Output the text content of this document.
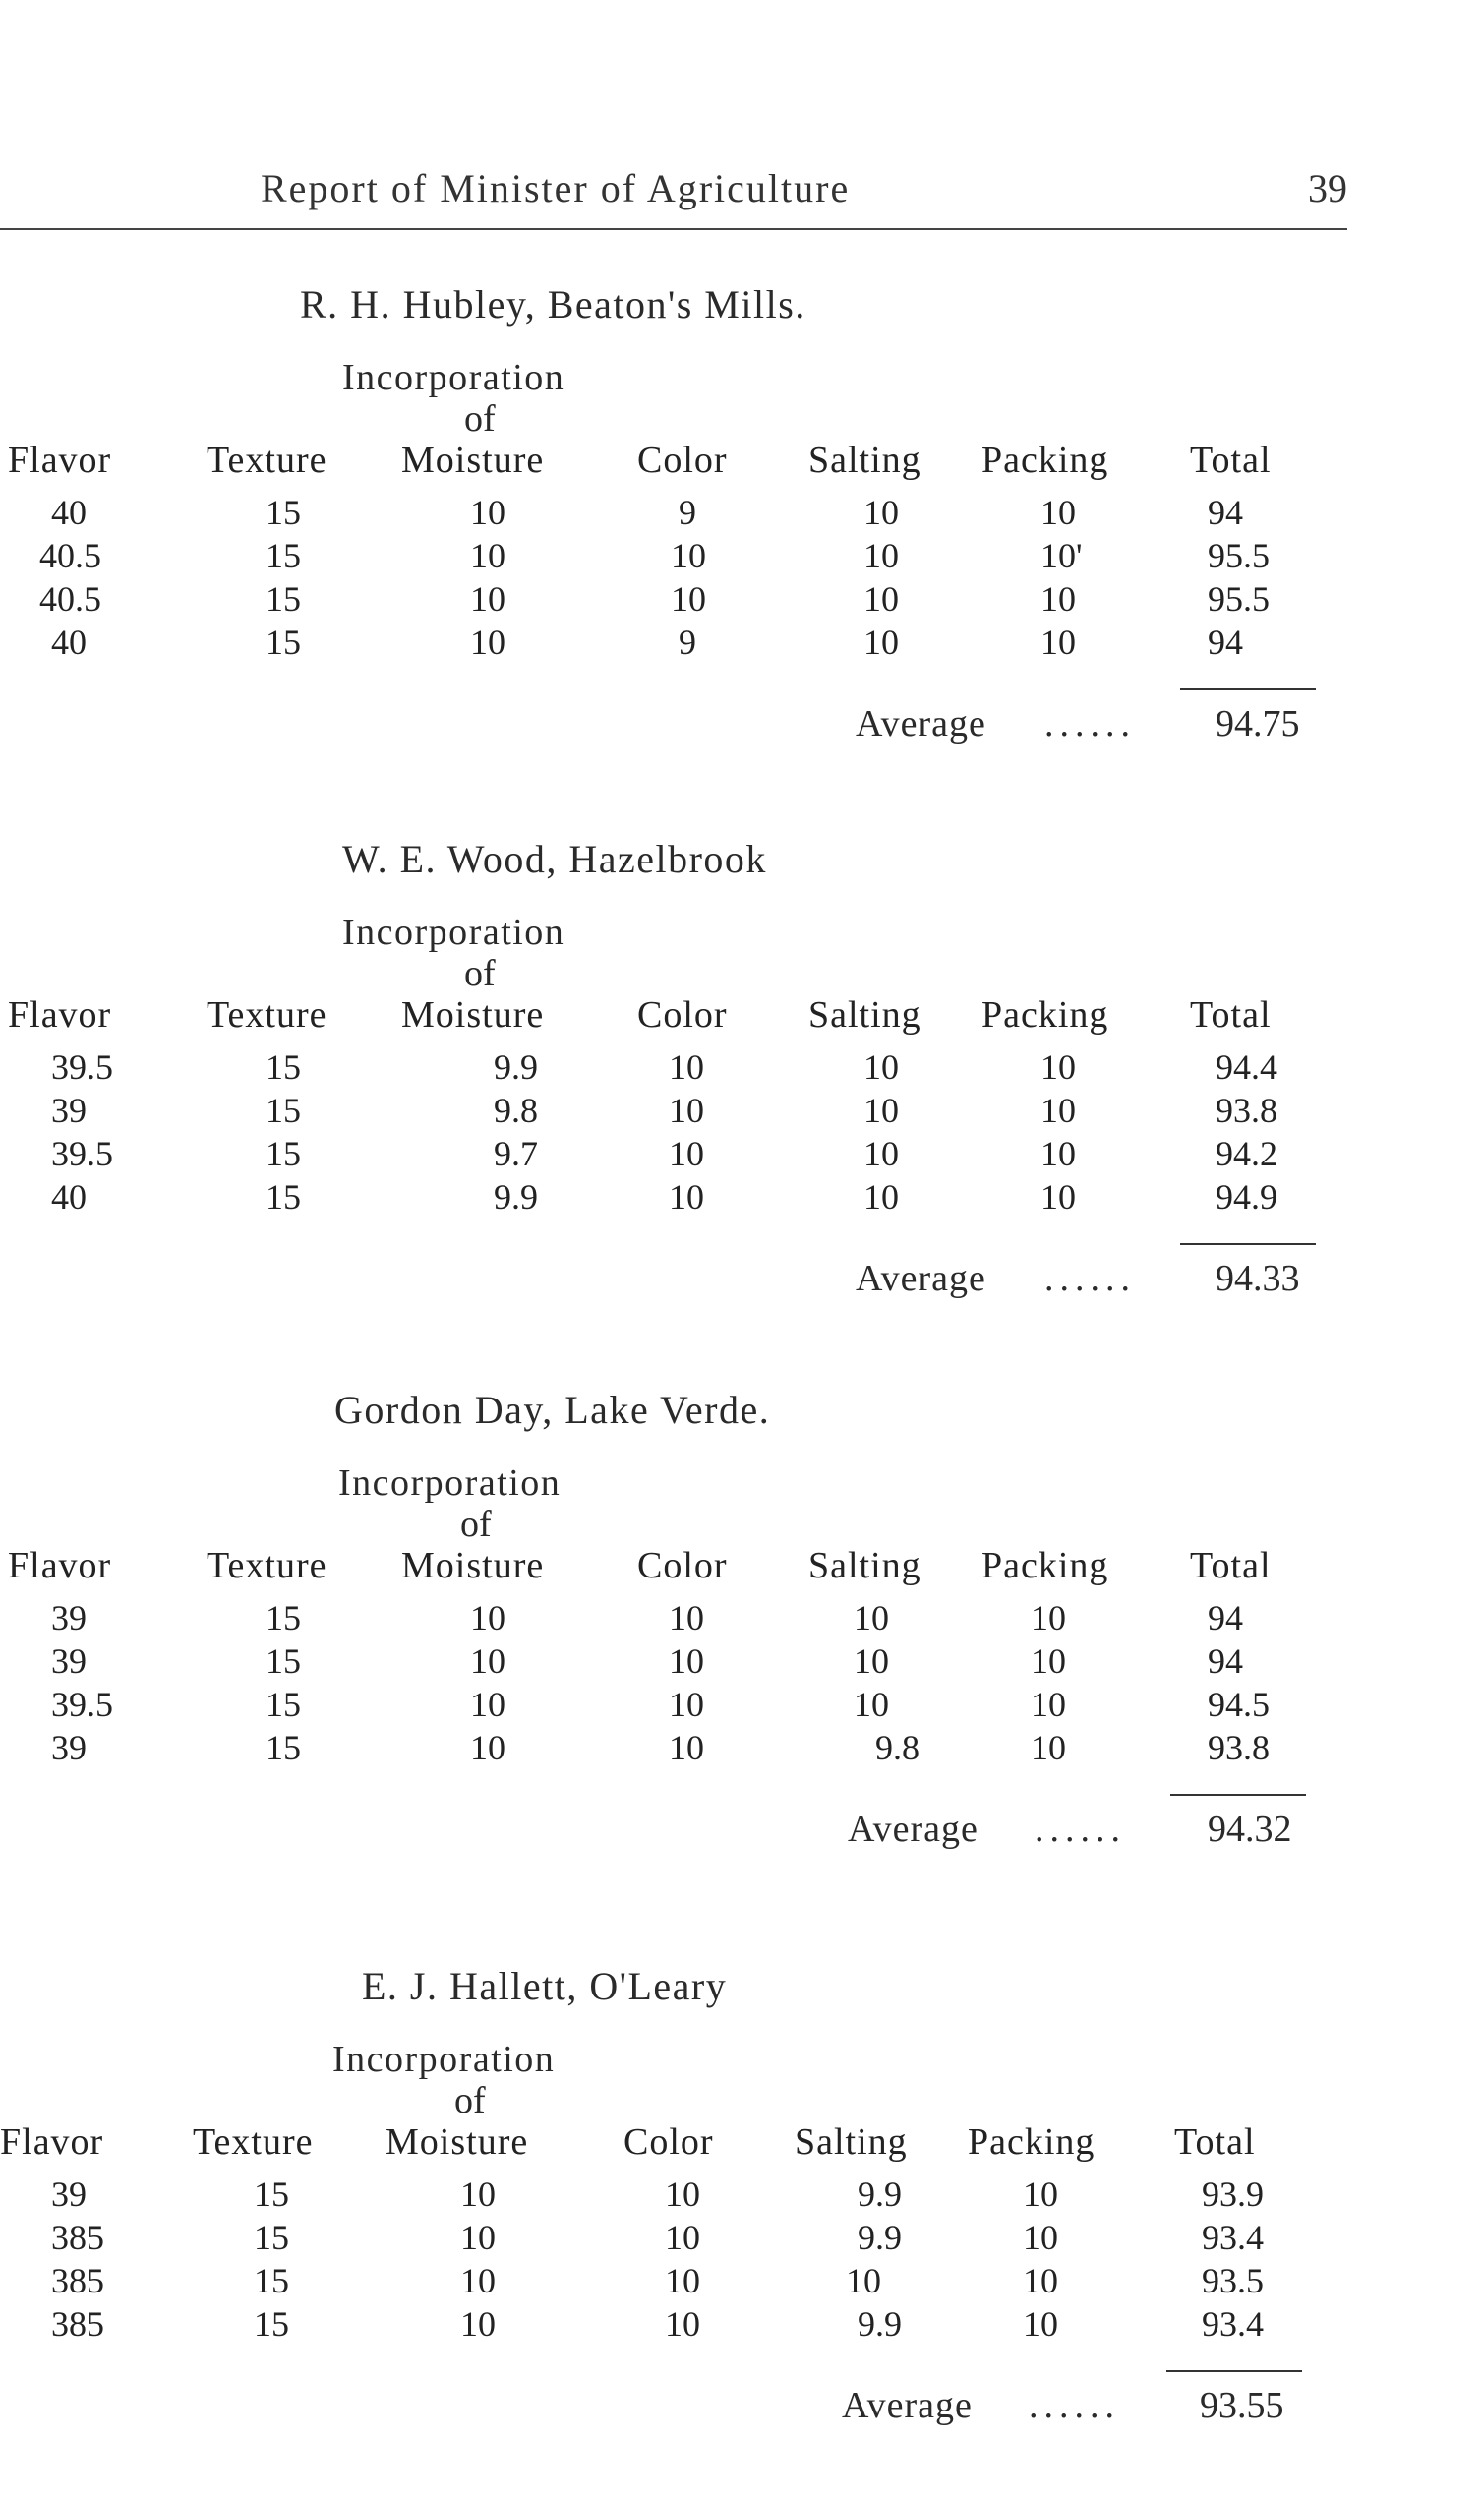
Report of Minister of Agriculture	39
R. H. Hubley, Beaton's Mills.
Incorporation
of
Flavor	Texture Moisture Color Salting Packing Total
40	15	10	9	10	10	94
40.5	15	10	10	10	10'	95.5
40.5	15	10	10	10	10	95.5
40	15	10	9	10	10	94
Average ...... 94.75
W. E. Wood, Hazelbrook
Incorporation
of
Flavor	Texture Moisture Color Salting Packing Total
39.5	15	9.9	10	10	10	94.4
39	15	9.8	10	10	10	93.8
39.5	15	9.7	10	10	10	94.2
40	15	9.9	10	10	10	94.9
Average ...... 94.33
Gordon Day, Lake Verde.
Incorporation
of
Flavor	Texture Moisture Color Salting Packing Total
39	15	10	10	10	10	94
39	15	10	10	10	10	94
39.5	15	10	10	10	10	94.5
39	15	10	10	9.8	10	93.8
Average ...... 94.32
E. J. Hallett, O'Leary
Incorporation
of
Flavor Texture Moisture	Color Salting Packing Total
39	15	10	10	9.9	10	93.9
385	15	10	10	9.9	10	93.4
385	15	10	10	10	10	93.5
385	15	10	10	9.9	10	93.4
Average ...... 93.55
